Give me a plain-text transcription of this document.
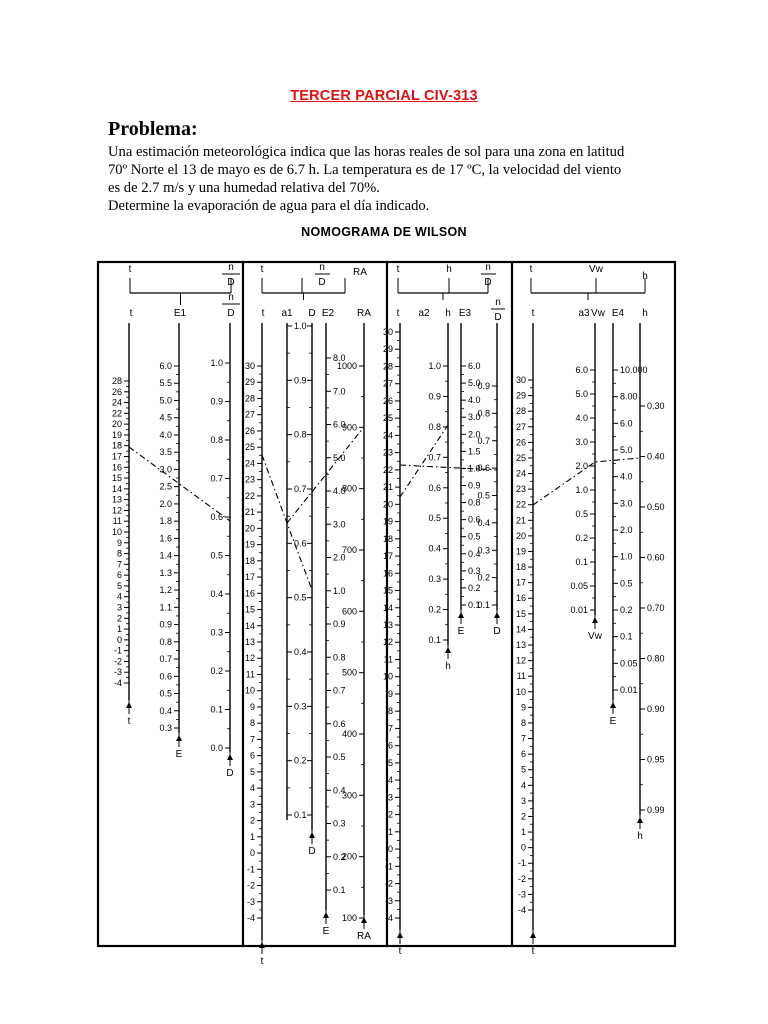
TERCER PARCIAL CIV-313
Problema:
Una estimación meteorológica indica que las horas reales de sol para una zona en latitud
70º Norte el 13 de mayo es de 6.7 h. La temperatura es de 17 ºC, la velocidad del viento
es de 2.7 m/s y una humedad relativa del 70%.
Determine la evaporación de agua para el día indicado.
NOMOGRAMA DE WILSON
t	n
D
t	E1
n
D
28
26
24
22
20
19
18
17
16
15
14
13
12
11
10
9
8
7
6
5
4
3
2
1
0
-1
-2
-3
-4
t
6.0
5.5
5.0
4.5
4.0
3.5
3.0
2.5
2.0
1.8
1.6
1.4
1.3
1.2
1.1
0.9
0.8
0.7
0.6
0.5
0.4
0.3
E
1.0
0.9
0.8
0.7
0.6
0.5
0.4
0.3
0.2
0.1
0.0
D
t	n
D
RA
t a1 D E2 RA
30
29
28
27
26
25
24
23
22
21
20
19
18
17
16
15
14
13
12
11
10
9
8
7
6
5
4
3
2
1
0
-1
-2
-3
-4
t
1.0
0.9
0.8
0.7
0.6
0.5
0.4
0.3
0.2
0.1
D
8.0
7.0
6.0
5.0
4.0
3.0
2.0
1.0
0.9
0.8
0.7
0.6
0.5
0.4
0.3
0.2
0.1
E
1000
900
800
700
600
500
400
300
200
100
RA
t	h	n
D
t a2 h E3
n
D
30
29
28
27
26
25
24
23
22
21
20
19
18
17
16
15
14
13
12
11
10
9
8
7
6
5
4
3
2
1
0
-1
-2
-3
-4
t
1.0
0.9
0.8
0.7
0.6
0.5
0.4
0.3
0.2
0.1
h
6.0
5.0
4.0
3.0
2.0
1.5
1.0
0.9
0.8
0.6
0.5
0.4
0.3
0.2
0.1
E
0.9
0.8
0.7
0.6
0.5
0.4
0.3
0.2
0.1
D
t	Vw
h
t	a3 Vw E4 h
30
29
28
27
26
25
24
23
22
21
20
19
18
17
16
15
14
13
12
11
10
9
8
7
6
5
4
3
2
1
0
-1
-2
-3
-4
t
6.0
5.0
4.0
3.0
2.0
1.0
0.5
0.2
0.1
0.05
0.01
Vw
10.000
8.00
6.0
5.0
4.0
3.0
2.0
1.0
0.5
0.2
0.1
0.05
0.01
E
0.30
0.40
0.50
0.60
0.70
0.80
0.90
0.95
0.99
h
